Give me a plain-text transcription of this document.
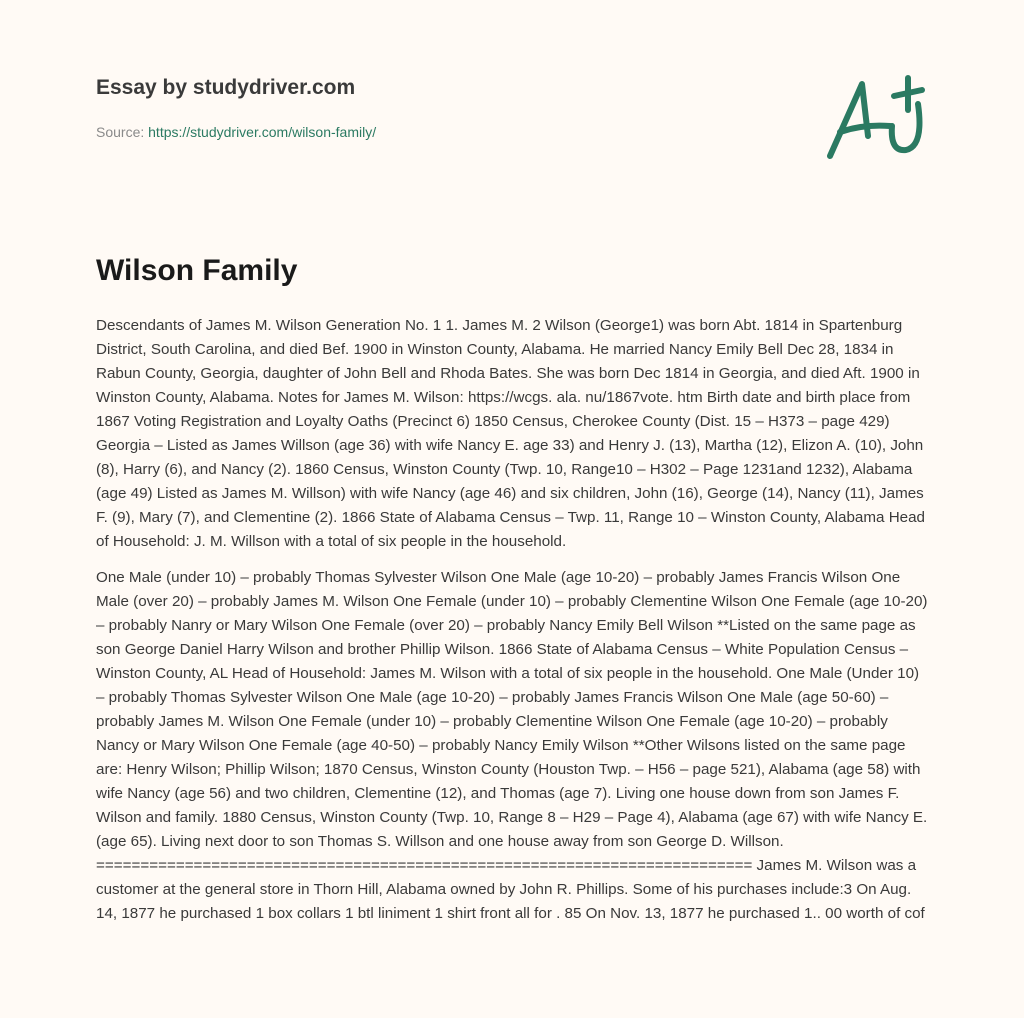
Essay by studydriver.com

Source: https://studydriver.com/wilson-family/
Wilson Family

Descendants of James M. Wilson Generation No. 1 1. James M. 2 Wilson (George1) was born Abt. 1814 in Spartenburg District, South Carolina, and died Bef. 1900 in Winston County, Alabama. He married Nancy Emily Bell Dec 28, 1834 in Rabun County, Georgia, daughter of John Bell and Rhoda Bates. She was born Dec 1814 in Georgia, and died Aft. 1900 in Winston County, Alabama. Notes for James M. Wilson: https://wcgs. ala. nu/1867vote. htm Birth date and birth place from 1867 Voting Registration and Loyalty Oaths (Precinct 6) 1850 Census, Cherokee County (Dist. 15 – H373 – page 429) Georgia – Listed as James Willson (age 36) with wife Nancy E. age 33) and Henry J. (13), Martha (12), Elizon A. (10), John (8), Harry (6), and Nancy (2). 1860 Census, Winston County (Twp. 10, Range10 – H302 – Page 1231and 1232), Alabama (age 49) Listed as James M. Willson) with wife Nancy (age 46) and six children, John (16), George (14), Nancy (11), James F. (9), Mary (7), and Clementine (2). 1866 State of Alabama Census – Twp. 11, Range 10 – Winston County, Alabama Head of Household: J. M. Willson with a total of six people in the household.

One Male (under 10) – probably Thomas Sylvester Wilson One Male (age 10-20) – probably James Francis Wilson One Male (over 20) – probably James M. Wilson One Female (under 10) – probably Clementine Wilson One Female (age 10-20) – probably Nanry or Mary Wilson One Female (over 20) – probably Nancy Emily Bell Wilson **Listed on the same page as son George Daniel Harry Wilson and brother Phillip Wilson. 1866 State of Alabama Census – White Population Census – Winston County, AL Head of Household: James M. Wilson with a total of six people in the household. One Male (Under 10) – probably Thomas Sylvester Wilson One Male (age 10-20) – probably James Francis Wilson One Male (age 50-60) – probably James M. Wilson One Female (under 10) – probably Clementine Wilson One Female (age 10-20) – probably Nancy or Mary Wilson One Female (age 40-50) – probably Nancy Emily Wilson **Other Wilsons listed on the same page are: Henry Wilson; Phillip Wilson; 1870 Census, Winston County (Houston Twp. – H56 – page 521), Alabama (age 58) with wife Nancy (age 56) and two children, Clementine (12), and Thomas (age 7). Living one house down from son James F. Wilson and family. 1880 Census, Winston County (Twp. 10, Range 8 – H29 – Page 4), Alabama (age 67) with wife Nancy E. (age 65). Living next door to son Thomas S. Willson and one house away from son George D. Willson. ========================================================================== James M. Wilson was a customer at the general store in Thorn Hill, Alabama owned by John R. Phillips. Some of his purchases include:3 On Aug. 14, 1877 he purchased 1 box collars 1 btl liniment 1 shirt front all for . 85 On Nov. 13, 1877 he purchased 1.. 00 worth of cof
